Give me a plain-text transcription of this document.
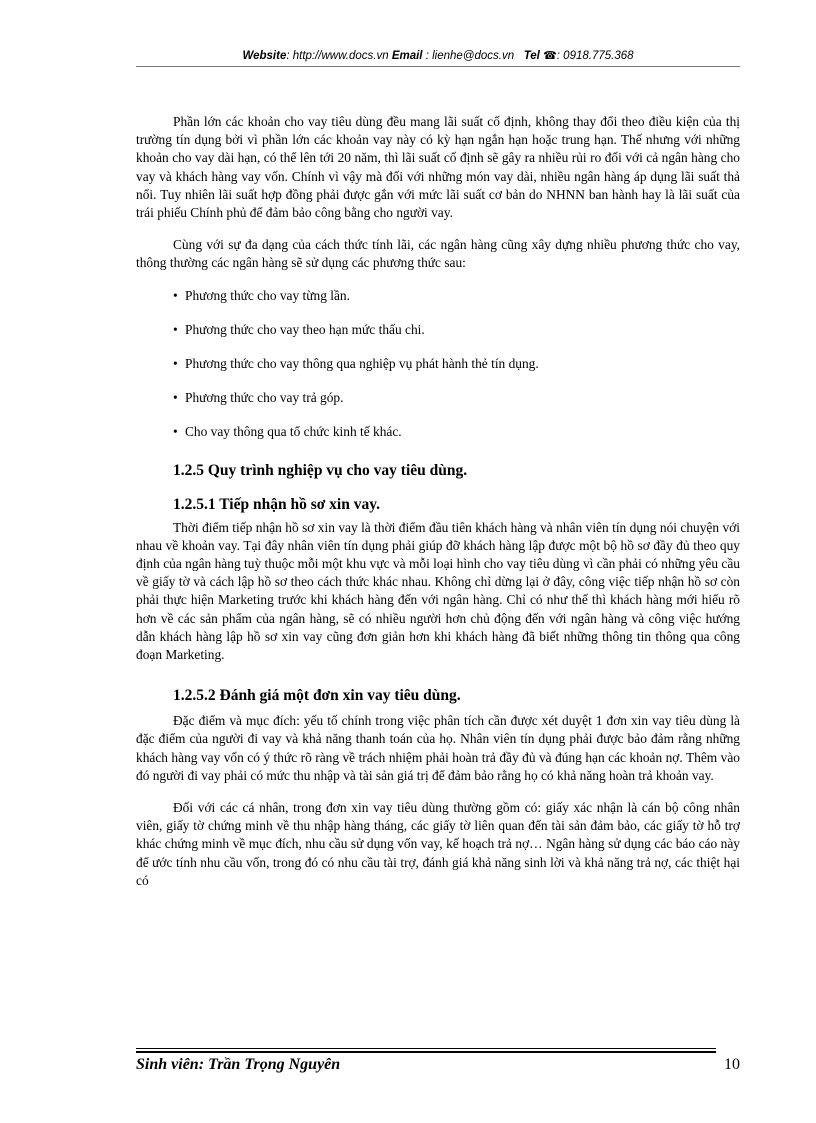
Website: http://www.docs.vn Email : lienhe@docs.vn Tel ☎: 0918.775.368

Phần lớn các khoản cho vay tiêu dùng đều mang lãi suất cố định, không thay đổi theo điều kiện của thị trường tín dụng bởi vì phần lớn các khoản vay này có kỳ hạn ngắn hạn hoặc trung hạn. Thế nhưng với những khoản cho vay dài hạn, có thể lên tới 20 năm, thì lãi suất cố định sẽ gây ra nhiều rủi ro đối với cả ngân hàng cho vay và khách hàng vay vốn. Chính vì vậy mà đối với những món vay dài, nhiều ngân hàng áp dụng lãi suất thả nổi. Tuy nhiên lãi suất hợp đồng phải được gắn với mức lãi suất cơ bản do NHNN ban hành hay là lãi suất của trái phiếu Chính phủ để đảm bảo công bằng cho người vay.

Cùng với sự đa dạng của cách thức tính lãi, các ngân hàng cũng xây dựng nhiều phương thức cho vay, thông thường các ngân hàng sẽ sử dụng các phương thức sau:

• Phương thức cho vay từng lần.
• Phương thức cho vay theo hạn mức thấu chi.
• Phương thức cho vay thông qua nghiệp vụ phát hành thẻ tín dụng.
• Phương thức cho vay trả góp.
• Cho vay thông qua tổ chức kinh tế khác.
1.2.5 Quy trình nghiệp vụ cho vay tiêu dùng.
1.2.5.1 Tiếp nhận hồ sơ xin vay.

Thời điểm tiếp nhận hồ sơ xin vay là thời điểm đầu tiên khách hàng và nhân viên tín dụng nói chuyện với nhau về khoản vay. Tại đây nhân viên tín dụng phải giúp đỡ khách hàng lập được một bộ hồ sơ đầy đủ theo quy định của ngân hàng tuỳ thuộc mỗi một khu vực và mỗi loại hình cho vay tiêu dùng vì cần phải có những yêu cầu về giấy tờ và cách lập hồ sơ theo cách thức khác nhau. Không chỉ dừng lại ở đây, công việc tiếp nhận hồ sơ còn phải thực hiện Marketing trước khi khách hàng đến với ngân hàng. Chỉ có như thế thì khách hàng mới hiểu rõ hơn về các sản phẩm của ngân hàng, sẽ có nhiều người hơn chủ động đến với ngân hàng và công việc hướng dẫn khách hàng lập hồ sơ xin vay cũng đơn giản hơn khi khách hàng đã biết những thông tin thông qua công đoạn Marketing.

1.2.5.2 Đánh giá một đơn xin vay tiêu dùng.

Đặc điểm và mục đích: yếu tố chính trong việc phân tích cần được xét duyệt 1 đơn xin vay tiêu dùng là đặc điểm của người đi vay và khả năng thanh toán của họ. Nhân viên tín dụng phải được bảo đảm rằng những khách hàng vay vốn có ý thức rõ ràng về trách nhiệm phải hoàn trả đầy đủ và đúng hạn các khoản nợ. Thêm vào đó người đi vay phải có mức thu nhập và tài sản giá trị để đảm bảo rằng họ có khả năng hoàn trả khoản vay.

Đối với các cá nhân, trong đơn xin vay tiêu dùng thường gồm có: giấy xác nhận là cán bộ công nhân viên, giấy tờ chứng minh về thu nhập hàng tháng, các giấy tờ liên quan đến tài sản đảm bảo, các giấy tờ hỗ trợ khác chứng minh về mục đích, nhu cầu sử dụng vốn vay, kế hoạch trả nợ… Ngân hàng sử dụng các báo cáo này để ước tính nhu cầu vốn, trong đó có nhu cầu tài trợ, đánh giá khả năng sinh lời và khả năng trả nợ, các thiệt hại có

Sinh viên: Trần Trọng Nguyên	10
